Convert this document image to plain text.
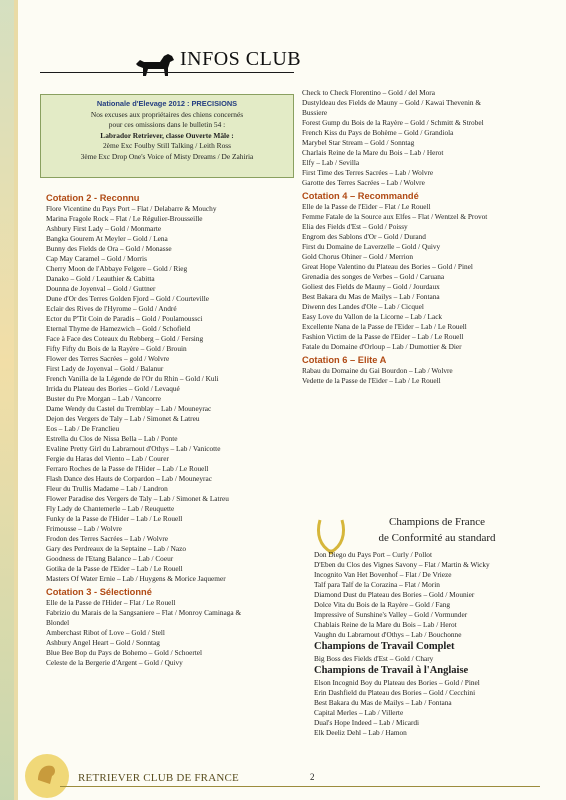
INFOS CLUB
Nationale d'Elevage 2012 : PRECISIONS
Nos excuses aux propriétaires des chiens concernés
pour ces omissions dans le bulletin 54 :
Labrador Retriever, classe Ouverte Mâle :
2ème Exc Foulby Still Talking / Leith Ross
3ème Exc Drop One's Voice of Misty Dreams / De Zahiria
Cotation 2 - Reconnu
Flore Vicentine du Pays Port – Flat / Delabarre & Mouchy
Marina Fragole Rock – Flat / Le Régulier-Brousseille
Ashbury First Lady – Gold / Monmarte
Bangka Gourem At Meyler – Gold / Lena
Bunny des Fields de Ora – Gold / Monasse
Cap May Caramel – Gold / Morris
Cherry Moon de l'Abbaye Felgere – Gold / Rieg
Danako – Gold / Leauthier & Cabitta
Dounna de Joyenval – Gold / Guttner
Dune d'Or des Terres Golden Fjord – Gold / Courteville
Eclair des Rives de l'Hyrome – Gold / André
Ector du P'Tit Coin de Paradis – Gold / Poulamoussci
Eternal Thyme de Hamezwich – Gold / Schofield
Face à Face des Coteaux du Rebberg – Gold / Fersing
Fifty Fifty du Bois de la Rayère – Gold / Brouin
Flower des Terres Sacrées – gold / Wolvre
First Lady de Joyenval – Gold / Balanur
French Vanilla de la Légende de l'Or du Rhin – Gold / Kuli
Irrida du Plateau des Bories – Gold / Levaqué
Buster du Pre Morgan – Lab / Vancorre
Dame Wendy du Castel du Tremblay – Lab / Mouneyrac
Dejon des Vergers de Taly – Lab / Simonet & Latreu
Eos – Lab / De Franclieu
Estrella du Clos de Nissa Bella – Lab / Ponte
Evaline Pretty Girl du Labrarnout d'Othys – Lab / Vanicotte
Fergie du Haras del Viento – Lab / Courer
Ferraro Roches de la Passe de l'Hider – Lab / Le Rouell
Flash Dance des Hauts de Corpardon – Lab / Mouneyrac
Fleur du Trullis Madame – Lab / Landron
Flower Paradise des Vergers de Taly – Lab / Simonet & Latreu
Fly Lady de Chantemerle – Lab / Reuquette
Funky de la Passe de l'Hider – Lab / Le Rouell
Frimousse – Lab / Wolvre
Frodon des Terres Sacrées – Lab / Wolvre
Gary des Perdreaux de la Septaine – Lab / Nazo
Goodness de l'Etang Balance – Lab / Coeur
Gotika de la Passe de l'Eider – Lab / Le Rouell
Masters Of Water Ernie – Lab / Huygens & Morice Jaquemer
Cotation 3 - Sélectionné
Elle de la Passe de l'Hider – Flat / Le Rouell
Fabrizio du Marais de la Sangsaniere – Flat / Monroy Caminaga &
Blondel
Amberchast Ribot of Love – Gold / Stell
Ashbury Angel Heart – Gold / Sonntag
Blue Bee Bop du Pays de Bohemo – Gold / Schoertel
Celeste de la Bergerie d'Argent – Gold / Quivy
Check to Check Florentino – Gold / del Mora
Dustyldeau des Fields de Mauny – Gold / Kawai Thevenin &
Bussiere
Forest Gump du Bois de la Rayère – Gold / Schmitt & Strobel
French Kiss du Pays de Bohème – Gold / Grandiola
Marybel Star Stream – Gold / Sonntag
Charlais Reine de la Mare du Bois – Lab / Herot
Elfy – Lab / Sevilla
First Time des Terres Sacrées – Lab / Wolvre
Garotte des Terres Sacrées – Lab / Wolvre
Cotation 4 – Recommandé
Elle de la Passe de l'Eider – Flat / Le Rouell
Femme Fatale de la Source aux Elfes – Flat / Wentzel & Provot
Elia des Fields d'Est – Gold / Poissy
Engrom des Sablons d'Or – Gold / Durand
First du Domaine de Laverzelle – Gold / Quivy
Gold Chorus Ohiner – Gold / Merrion
Great Hope Valentino du Plateau des Bories – Gold / Pinel
Grenadia des songes de Verbes – Gold / Caruana
Goliest des Fields de Mauny – Gold / Jourdaux
Best Bakara du Mas de Mailys – Lab / Fontana
Diwenn des Landes d'Ole – Lab / Cicquel
Easy Love du Vallon de la Licorne – Lab / Lack
Excellente Nana de la Passe de l'Eider – Lab / Le Rouell
Fashion Victim de la Passe de l'Eider – Lab / Le Rouell
Fatale du Domaine d'Orloup – Lab / Dumottier & Dier
Cotation 6 – Elite A
Rabau du Domaine du Gai Bourdon – Lab / Wolvre
Vedette de la Passe de l'Eider – Lab / Le Rouell
Champions de France
de Conformité au standard
Don Diego du Pays Port – Curly / Pollot
D'Eben du Clos des Vignes Savony – Flat / Martin & Wicky
Incognito Van Het Bovenhof – Flat / De Vrieze
Talf para Talf de la Corazina – Flat / Morin
Diamond Dust du Plateau des Bories – Gold / Mounier
Dolce Vita du Bois de la Rayère – Gold / Fang
Impressive of Sunshine's Valley – Gold / Vormunder
Chablais Reine de la Mare du Bois – Lab / Herot
Vaughn du Labrarnout d'Othys – Lab / Bouchonne
Champions de Travail Complet
Big Boss des Fields d'Est – Gold / Chary
Champions de Travail à l'Anglaise
Elson Incognid Boy du Plateau des Bories – Gold / Pinel
Erin Dashfield du Plateau des Bories – Gold / Cecchini
Best Bakara du Mas de Mailys – Lab / Fontana
Capital Merles – Lab / Villerte
Dual's Hope Indeed – Lab / Micardi
Elk Deeliz Dehl – Lab / Hamon
RETRIEVER CLUB DE FRANCE	2
